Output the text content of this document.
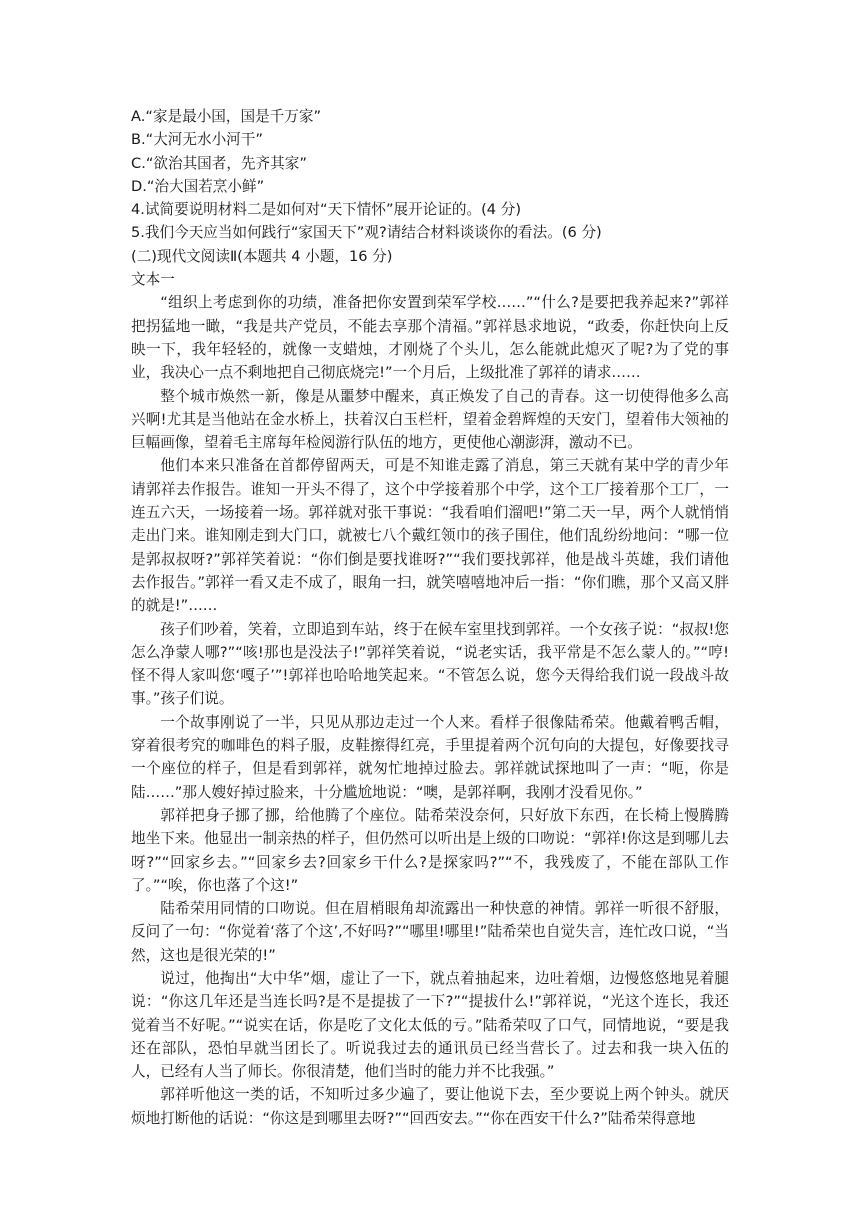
A.“家是最小国，国是千万家”

B.“大河无水小河干”

C.“欲治其国者，先齐其家”

D.“治大国若烹小鲜”

4.试简要说明材料二是如何对“天下情怀”展开论证的。(4 分)

5.我们今天应当如何践行“家国天下”观?请结合材料谈谈你的看法。(6 分)

(二)现代文阅读Ⅱ(本题共 4 小题，16 分)

文本一

“组织上考虑到你的功绩，准备把你安置到荣军学校……”“什么?是要把我养起来?”郭祥把拐猛地一瞰，“我是共产党员，不能去享那个清福。”郭祥恳求地说，“政委，你赶快向上反映一下，我年轻轻的，就像一支蜡烛，才刚烧了个头儿，怎么能就此熄灭了呢?为了党的事业，我决心一点不剩地把自己彻底烧完!”一个月后，上级批准了郭祥的请求……

整个城市焕然一新，像是从噩梦中醒来，真正焕发了自己的青春。这一切使得他多么高兴啊!尤其是当他站在金水桥上，扶着汉白玉栏杆，望着金碧辉煌的天安门，望着伟大领袖的巨幅画像，望着毛主席每年检阅游行队伍的地方，更使他心潮澎湃，激动不已。

他们本来只准备在首都停留两天，可是不知谁走露了消息，第三天就有某中学的青少年请郭祥去作报告。谁知一开头不得了，这个中学接着那个中学，这个工厂接着那个工厂，一连五六天，一场接着一场。郭祥就对张干事说：“我看咱们溜吧!”第二天一早，两个人就悄悄走出门来。谁知刚走到大门口，就被七八个戴红领巾的孩子围住，他们乱纷纷地问：“哪一位是郭叔叔呀?”郭祥笑着说：“你们倒是要找谁呀?”“我们要找郭祥，他是战斗英雄，我们请他去作报告。”郭祥一看又走不成了，眼角一扫，就笑嘻嘻地冲后一指：“你们瞧，那个又高又胖的就是!”……

孩子们吵着，笑着，立即追到车站，终于在候车室里找到郭祥。一个女孩子说：“叔叔!您怎么净蒙人哪?”“咳!那也是没法子!”郭祥笑着说，“说老实话，我平常是不怎么蒙人的。”“哼!怪不得人家叫您‘嘎子’”!郭祥也哈哈地笑起来。“不管怎么说，您今天得给我们说一段战斗故事。”孩子们说。

一个故事刚说了一半，只见从那边走过一个人来。看样子很像陆希荣。他戴着鸭舌帽，穿着很考究的咖啡色的料子服，皮鞋擦得红亮，手里提着两个沉句向的大提包，好像要找寻一个座位的样子，但是看到郭祥，就匆忙地掉过脸去。郭祥就试探地叫了一声：“呃，你是陆……”那人嫂好掉过脸来，十分尴尬地说：“噢，是郭祥啊，我刚才没看见你。”

郭祥把身子挪了挪，给他腾了个座位。陆希荣没奈何，只好放下东西，在长椅上慢腾腾地坐下来。他显出一制亲热的样子，但仍然可以听出是上级的口吻说：“郭祥!你这是到哪儿去呀?”“回家乡去。”“回家乡去?回家乡干什么?是探家吗?”“不，我残废了，不能在部队工作了。”“唉，你也落了个这!”

陆希荣用同情的口吻说。但在眉梢眼角却流露出一种快意的神情。郭祥一听很不舒服，反问了一句：“你觉着‘落了个这’,不好吗?”“哪里!哪里!”陆希荣也自觉失言，连忙改口说，“当然，这也是很光荣的!”

说过，他掏出“大中华”烟，虚让了一下，就点着抽起来，边吐着烟，边慢悠悠地晃着腿说：“你这几年还是当连长吗?是不是提拔了一下?”“提拔什么!”郭祥说，“光这个连长，我还觉着当不好呢。”“说实在话，你是吃了文化太低的亏。”陆希荣叹了口气，同情地说，“要是我还在部队，恐怕早就当团长了。听说我过去的通讯员已经当营长了。过去和我一块入伍的人，已经有人当了师长。你很清楚，他们当时的能力并不比我强。”

郭祥听他这一类的话，不知听过多少遍了，要让他说下去，至少要说上两个钟头。就厌烦地打断他的话说：“你这是到哪里去呀?”“回西安去。”“你在西安干什么?”陆希荣得意地
